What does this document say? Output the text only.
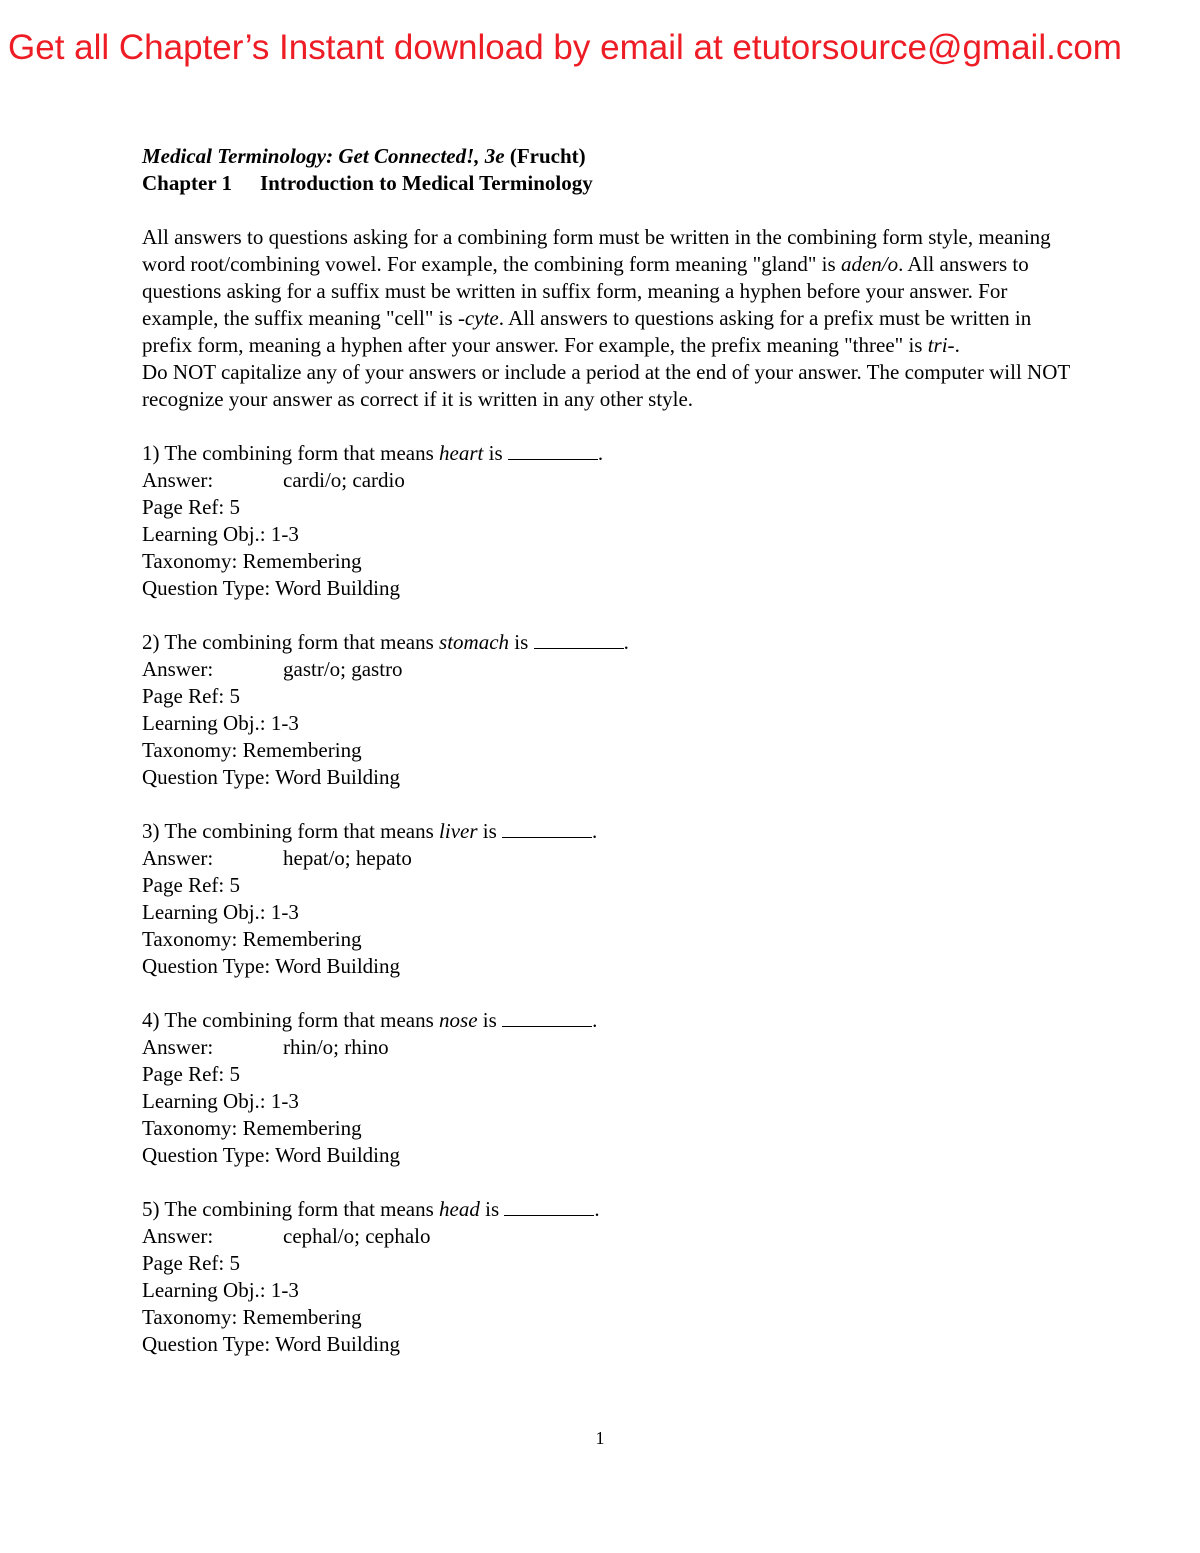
Get all Chapter’s Instant download by email at etutorsource@gmail.com
Medical Terminology: Get Connected!, 3e (Frucht)
Chapter 1 Introduction to Medical Terminology

All answers to questions asking for a combining form must be written in the combining form style, meaning word root/combining vowel. For example, the combining form meaning "gland" is aden/o. All answers to questions asking for a suffix must be written in suffix form, meaning a hyphen before your answer. For example, the suffix meaning "cell" is -cyte. All answers to questions asking for a prefix must be written in prefix form, meaning a hyphen after your answer. For example, the prefix meaning "three" is tri-.

Do NOT capitalize any of your answers or include a period at the end of your answer. The computer will NOT recognize your answer as correct if it is written in any other style.

1) The combining form that means heart is	.
Answer:	cardi/o; cardio
Page Ref: 5
Learning Obj.: 1-3
Taxonomy: Remembering
Question Type: Word Building
2) The combining form that means stomach is	.
Answer:	gastr/o; gastro
Page Ref: 5
Learning Obj.: 1-3
Taxonomy: Remembering
Question Type: Word Building
3) The combining form that means liver is	.
Answer:	hepat/o; hepato
Page Ref: 5
Learning Obj.: 1-3
Taxonomy: Remembering
Question Type: Word Building
4) The combining form that means nose is	.
Answer:	rhin/o; rhino
Page Ref: 5
Learning Obj.: 1-3
Taxonomy: Remembering
Question Type: Word Building
5) The combining form that means head is	.
Answer:	cephal/o; cephalo
Page Ref: 5
Learning Obj.: 1-3
Taxonomy: Remembering
Question Type: Word Building
1
